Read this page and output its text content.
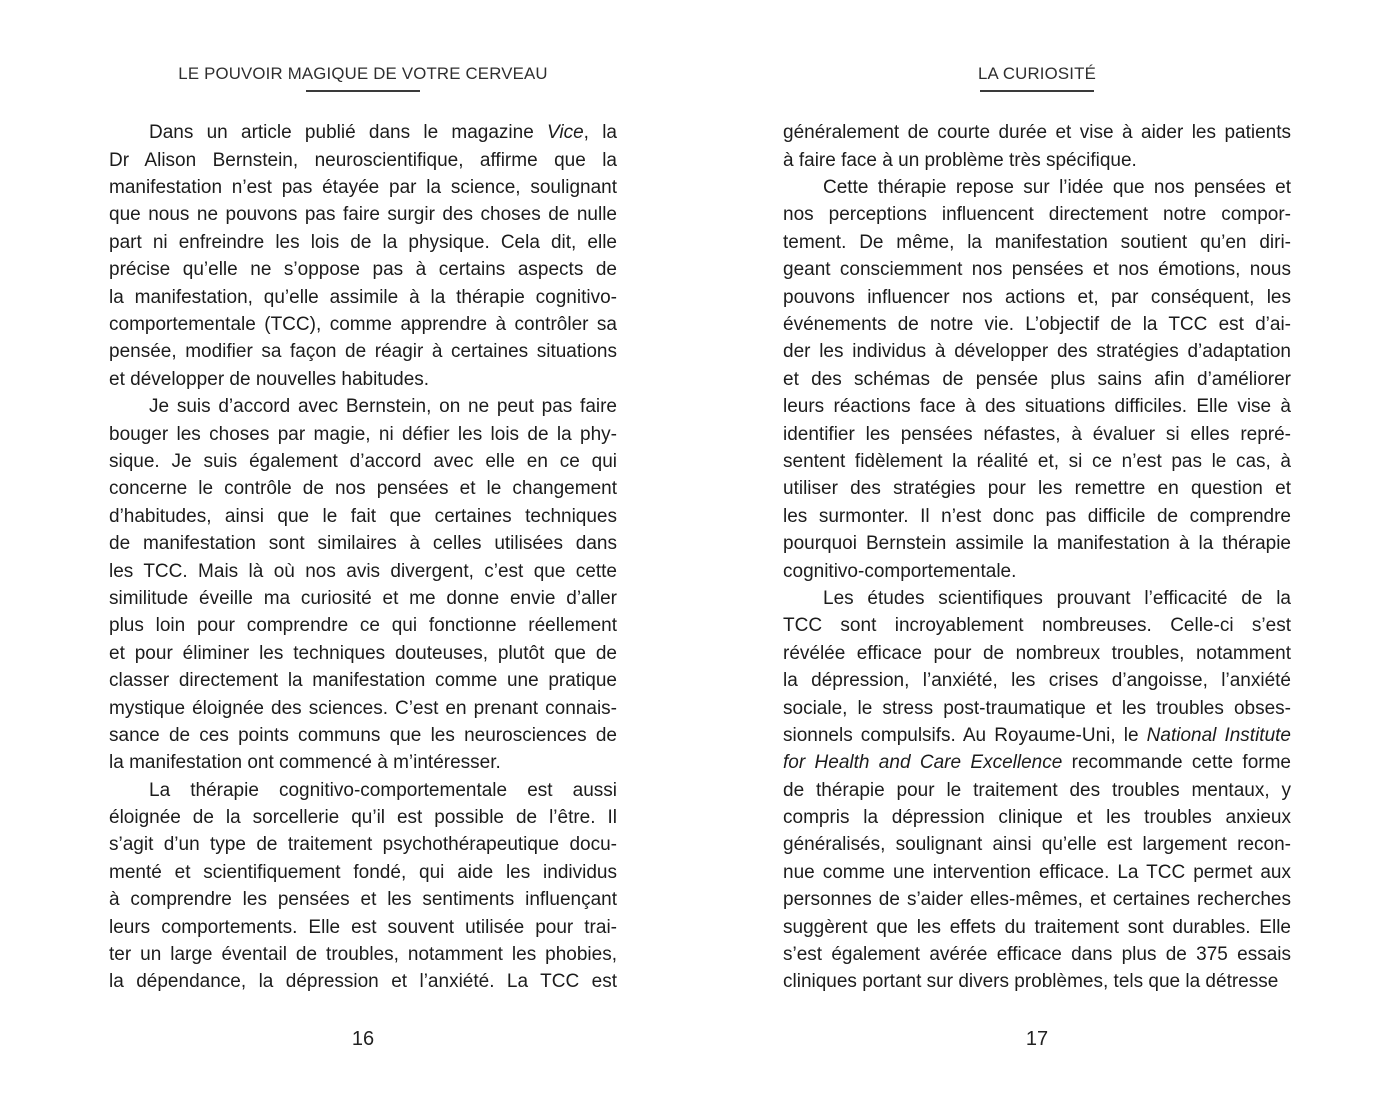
LE POUVOIR MAGIQUE DE VOTRE CERVEAU
Dans un article publié dans le magazine Vice, la
Dr Alison Bernstein, neuroscientifique, affirme que la
manifestation n’est pas étayée par la science, soulignant
que nous ne pouvons pas faire surgir des choses de nulle
part ni enfreindre les lois de la physique. Cela dit, elle
précise qu’elle ne s’oppose pas à certains aspects de
la manifestation, qu’elle assimile à la thérapie cognitivo-
comportementale (TCC), comme apprendre à contrôler sa
pensée, modifier sa façon de réagir à certaines situations
et développer de nouvelles habitudes.
Je suis d’accord avec Bernstein, on ne peut pas faire
bouger les choses par magie, ni défier les lois de la phy-
sique. Je suis également d’accord avec elle en ce qui
concerne le contrôle de nos pensées et le changement
d’habitudes, ainsi que le fait que certaines techniques
de manifestation sont similaires à celles utilisées dans
les TCC. Mais là où nos avis divergent, c’est que cette
similitude éveille ma curiosité et me donne envie d’aller
plus loin pour comprendre ce qui fonctionne réellement
et pour éliminer les techniques douteuses, plutôt que de
classer directement la manifestation comme une pratique
mystique éloignée des sciences. C’est en prenant connais-
sance de ces points communs que les neurosciences de
la manifestation ont commencé à m’intéresser.
La thérapie cognitivo-comportementale est aussi
éloignée de la sorcellerie qu’il est possible de l’être. Il
s’agit d’un type de traitement psychothérapeutique docu-
menté et scientifiquement fondé, qui aide les individus
à comprendre les pensées et les sentiments influençant
leurs comportements. Elle est souvent utilisée pour trai-
ter un large éventail de troubles, notamment les phobies,
la dépendance, la dépression et l’anxiété. La TCC est
16
LA CURIOSITÉ
généralement de courte durée et vise à aider les patients
à faire face à un problème très spécifique.
Cette thérapie repose sur l’idée que nos pensées et
nos perceptions influencent directement notre compor-
tement. De même, la manifestation soutient qu’en diri-
geant consciemment nos pensées et nos émotions, nous
pouvons influencer nos actions et, par conséquent, les
événements de notre vie. L’objectif de la TCC est d’ai-
der les individus à développer des stratégies d’adaptation
et des schémas de pensée plus sains afin d’améliorer
leurs réactions face à des situations difficiles. Elle vise à
identifier les pensées néfastes, à évaluer si elles repré-
sentent fidèlement la réalité et, si ce n’est pas le cas, à
utiliser des stratégies pour les remettre en question et
les surmonter. Il n’est donc pas difficile de comprendre
pourquoi Bernstein assimile la manifestation à la thérapie
cognitivo-comportementale.
Les études scientifiques prouvant l’efficacité de la
TCC sont incroyablement nombreuses. Celle-ci s’est
révélée efficace pour de nombreux troubles, notamment
la dépression, l’anxiété, les crises d’angoisse, l’anxiété
sociale, le stress post-traumatique et les troubles obses-
sionnels compulsifs. Au Royaume-Uni, le National Institute
for Health and Care Excellence recommande cette forme
de thérapie pour le traitement des troubles mentaux, y
compris la dépression clinique et les troubles anxieux
généralisés, soulignant ainsi qu’elle est largement recon-
nue comme une intervention efficace. La TCC permet aux
personnes de s’aider elles-mêmes, et certaines recherches
suggèrent que les effets du traitement sont durables. Elle
s’est également avérée efficace dans plus de 375 essais
cliniques portant sur divers problèmes, tels que la détresse
17
